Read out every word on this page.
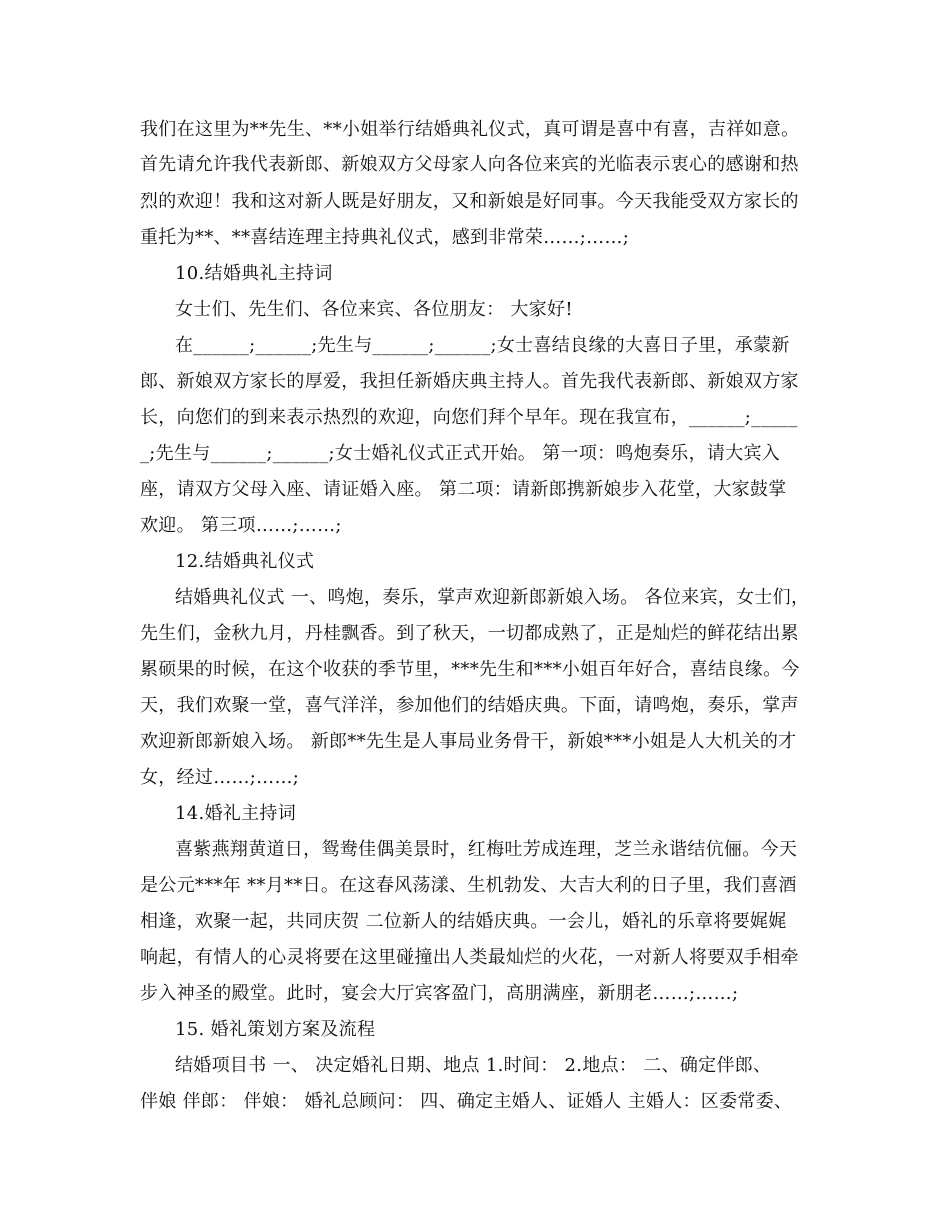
我们在这里为**先生、**小姐举行结婚典礼仪式，真可谓是喜中有喜，吉祥如意。
首先请允许我代表新郎、新娘双方父母家人向各位来宾的光临表示衷心的感谢和热
烈的欢迎！我和这对新人既是好朋友，又和新娘是好同事。今天我能受双方家长的
重托为**、**喜结连理主持典礼仪式，感到非常荣……;……;
10.结婚典礼主持词
女士们、先生们、各位来宾、各位朋友： 大家好!
在______;______;先生与______;______;女士喜结良缘的大喜日子里，承蒙新
郎、新娘双方家长的厚爱，我担任新婚庆典主持人。首先我代表新郎、新娘双方家
长，向您们的到来表示热烈的欢迎，向您们拜个早年。现在我宣布，______;_____
_;先生与______;______;女士婚礼仪式正式开始。 第一项：鸣炮奏乐，请大宾入
座，请双方父母入座、请证婚入座。 第二项：请新郎携新娘步入花堂，大家鼓掌
欢迎。 第三项……;……;
12.结婚典礼仪式
结婚典礼仪式 一、鸣炮，奏乐，掌声欢迎新郎新娘入场。 各位来宾，女士们，
先生们，金秋九月，丹桂飘香。到了秋天，一切都成熟了，正是灿烂的鲜花结出累
累硕果的时候，在这个收获的季节里，***先生和***小姐百年好合，喜结良缘。今
天，我们欢聚一堂，喜气洋洋，参加他们的结婚庆典。下面，请鸣炮，奏乐，掌声
欢迎新郎新娘入场。 新郎**先生是人事局业务骨干，新娘***小姐是人大机关的才
女，经过……;……;
14.婚礼主持词
喜紫燕翔黄道日，鸳鸯佳偶美景时，红梅吐芳成连理，芝兰永谐结伉俪。今天
是公元***年 **月**日。在这春风荡漾、生机勃发、大吉大利的日子里，我们喜酒
相逢，欢聚一起，共同庆贺 二位新人的结婚庆典。一会儿，婚礼的乐章将要娓娓
响起，有情人的心灵将要在这里碰撞出人类最灿烂的火花，一对新人将要双手相牵
步入神圣的殿堂。此时，宴会大厅宾客盈门，高朋满座，新朋老……;……;
15. 婚礼策划方案及流程
结婚项目书 一、 决定婚礼日期、地点 1.时间： 2.地点： 二、确定伴郎、
伴娘 伴郎： 伴娘： 婚礼总顾问： 四、确定主婚人、证婚人 主婚人：区委常委、
